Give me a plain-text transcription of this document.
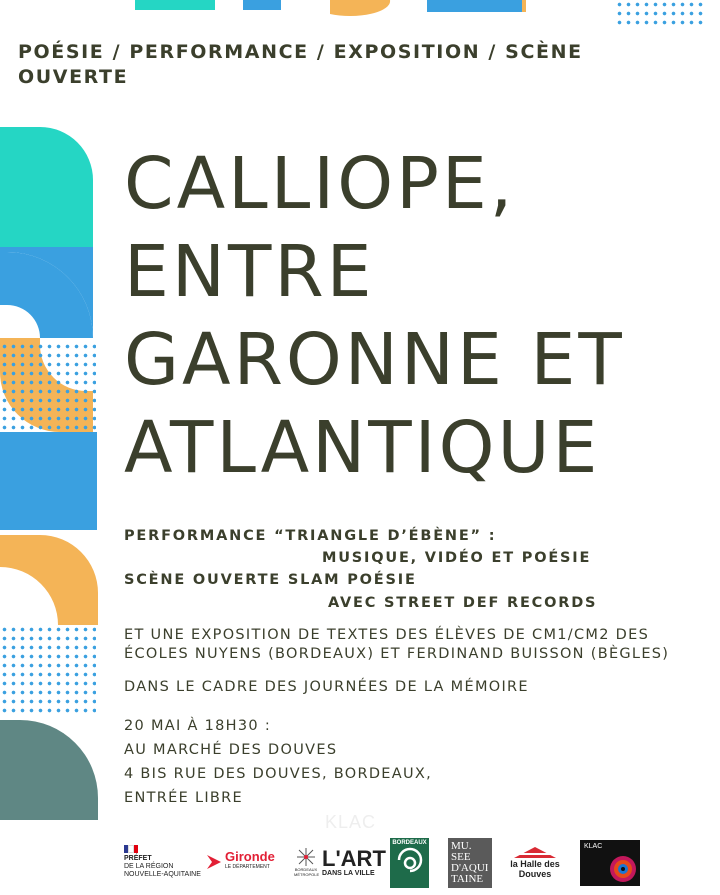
POÉSIE / PERFORMANCE / EXPOSITION / SCÈNE OUVERTE
CALLIOPE,
ENTRE
GARONNE ET
ATLANTIQUE
PERFORMANCE “TRIANGLE D’ÉBÈNE” :
MUSIQUE, VIDÉO ET POÉSIE
SCÈNE OUVERTE SLAM POÉSIE
AVEC STREET DEF RECORDS
ET UNE EXPOSITION DE TEXTES DES ÉLÈVES DE CM1/CM2 DES ÉCOLES NUYENS (BORDEAUX) ET FERDINAND BUISSON (BÈGLES)
DANS LE CADRE DES JOURNÉES DE LA MÉMOIRE
20 MAI À 18H30 :
AU MARCHÉ DES DOUVES
4 BIS RUE DES DOUVES, BORDEAUX,
ENTRÉE LIBRE
KLAC
PRÉFET
DE LA RÉGION
NOUVELLE-AQUITAINE
Gironde
LE DÉPARTEMENT	BORDEAUX MÉTROPOLE
L'ART
DANS LA VILLE
BORDEAUX MU.
SEE
D'AQUI
TAINE
la Halle des Douves
KLAC
